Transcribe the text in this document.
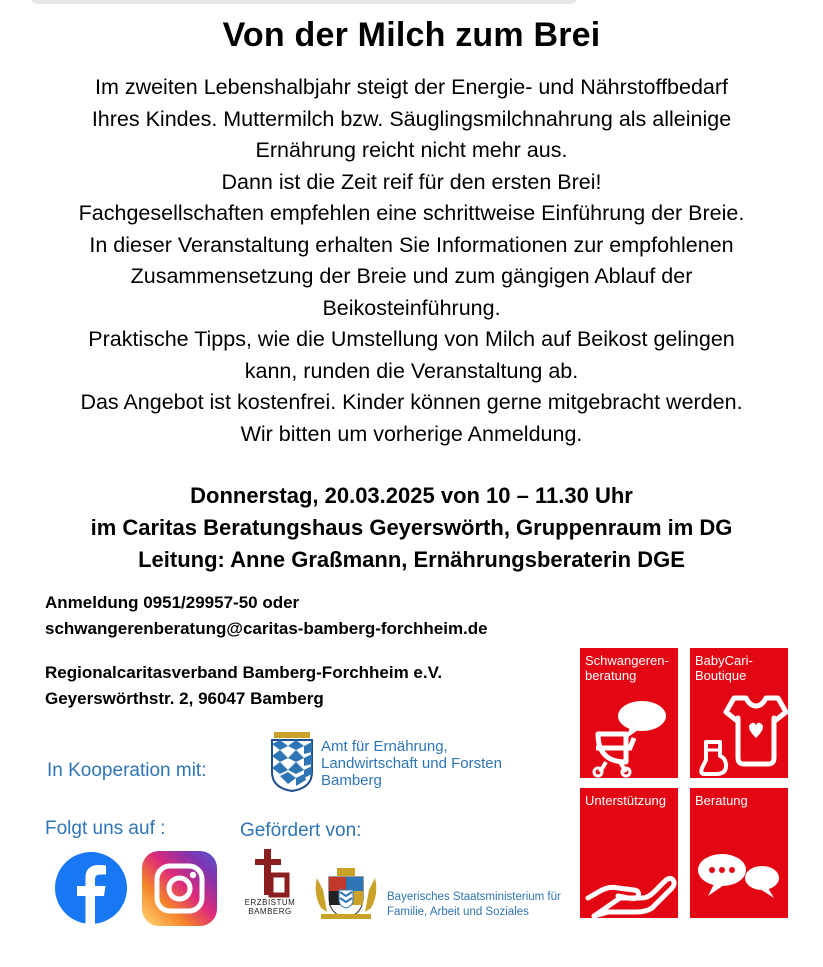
Von der Milch zum Brei
Im zweiten Lebenshalbjahr steigt der Energie- und Nährstoffbedarf
Ihres Kindes. Muttermilch bzw. Säuglingsmilchnahrung als alleinige
Ernährung reicht nicht mehr aus.
Dann ist die Zeit reif für den ersten Brei!
Fachgesellschaften empfehlen eine schrittweise Einführung der Breie.
In dieser Veranstaltung erhalten Sie Informationen zur empfohlenen
Zusammensetzung der Breie und zum gängigen Ablauf der
Beikosteinführung.
Praktische Tipps, wie die Umstellung von Milch auf Beikost gelingen
kann, runden die Veranstaltung ab.
Das Angebot ist kostenfrei. Kinder können gerne mitgebracht werden.
Wir bitten um vorherige Anmeldung.
Donnerstag, 20.03.2025 von 10 – 11.30 Uhr
im Caritas Beratungshaus Geyerswörth, Gruppenraum im DG
Leitung: Anne Graßmann, Ernährungsberaterin DGE
Anmeldung 0951/29957-50 oder
schwangerenberatung@caritas-bamberg-forchheim.de
Regionalcaritasverband Bamberg-Forchheim e.V.
Geyerswörthstr. 2, 96047 Bamberg
In Kooperation mit:
Amt für Ernährung,
Landwirtschaft und Forsten
Bamberg
Folgt uns auf :	Gefördert von:
ERZBISTUM
BAMBERG
Bayerisches Staatsministerium für
Familie, Arbeit und Soziales
Schwangeren-
beratung
BabyCari-
Boutique
Unterstützung	Beratung
